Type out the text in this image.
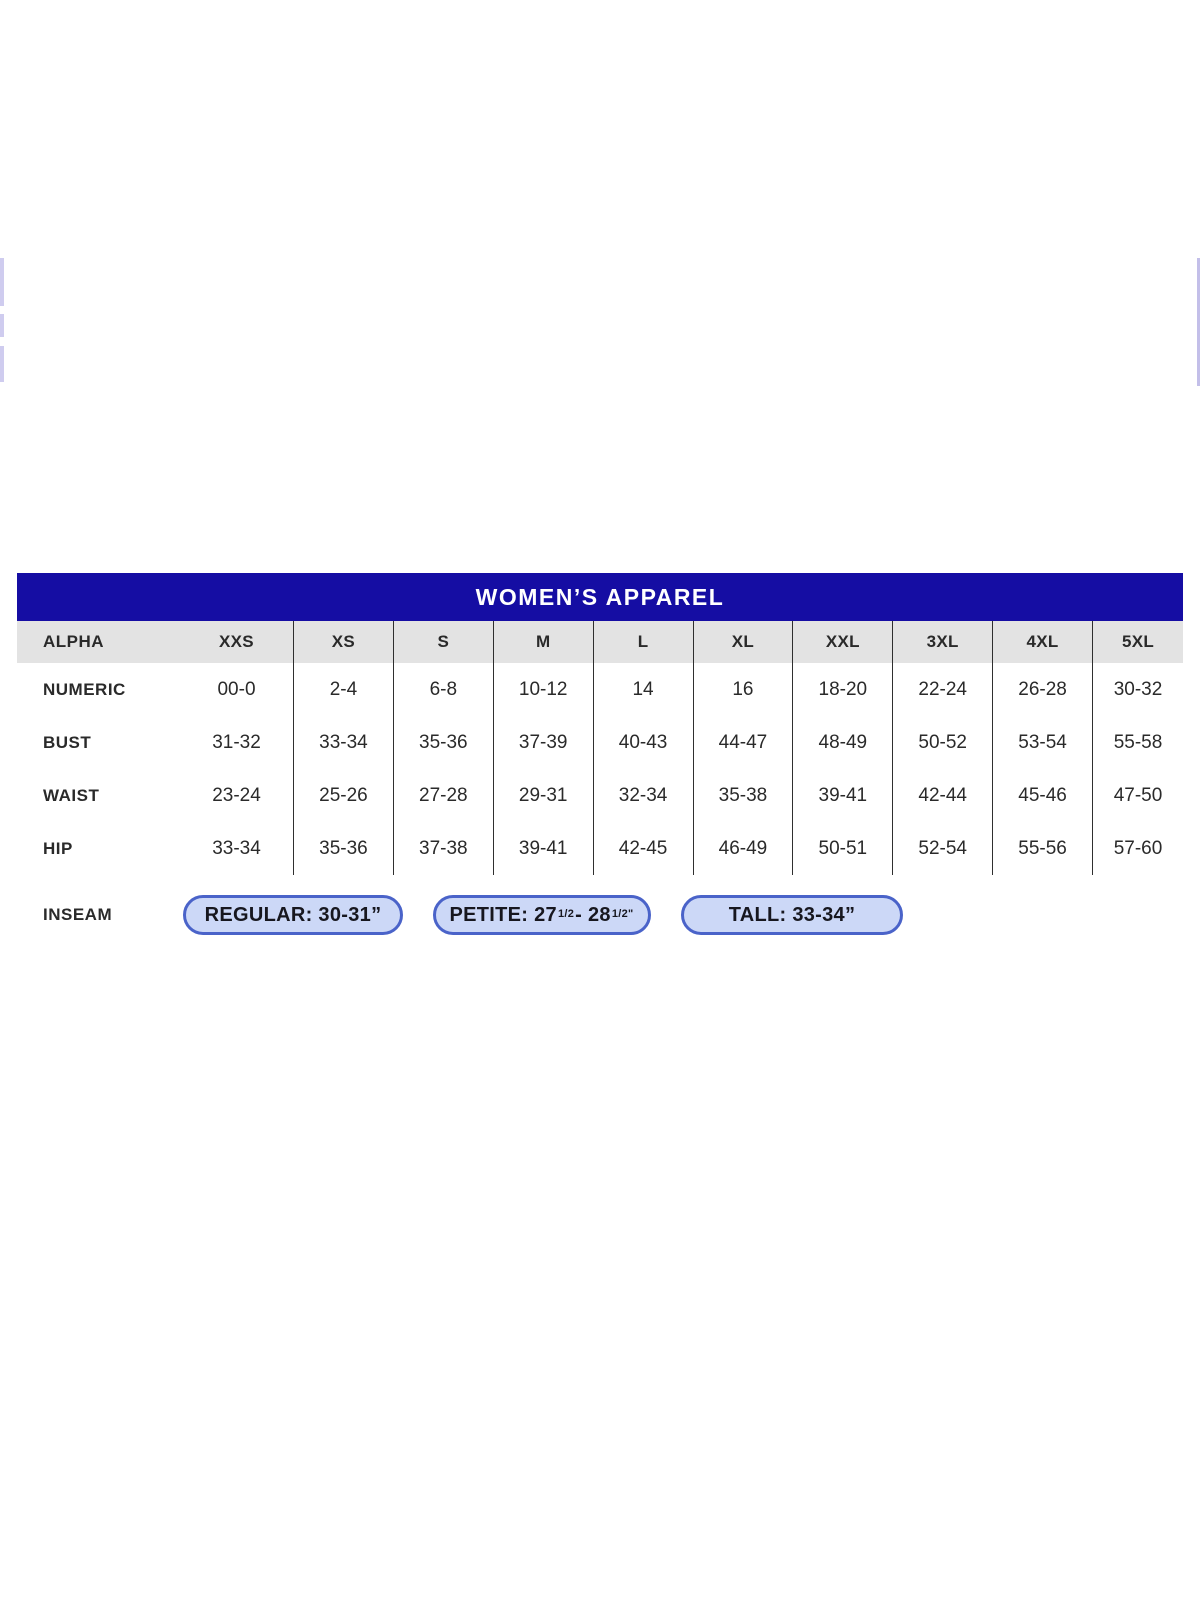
WOMEN’S APPAREL
ALPHA	XXS	XS	S	M	L	XL	XXL	3XL	4XL	5XL
NUMERIC	00-0	2-4	6-8	10-12	14	16	18-20	22-24	26-28	30-32
BUST	31-32	33-34	35-36	37-39	40-43	44-47	48-49	50-52	53-54	55-58
WAIST	23-24	25-26	27-28	29-31	32-34	35-38	39-41	42-44	45-46	47-50
HIP	33-34	35-36	37-38	39-41	42-45	46-49	50-51	52-54	55-56	57-60
INSEAM	REGULAR: 30-31”	PETITE: 27 $^{1/2}$ - 28 $^{1/2"}$	TALL: 33-34”
